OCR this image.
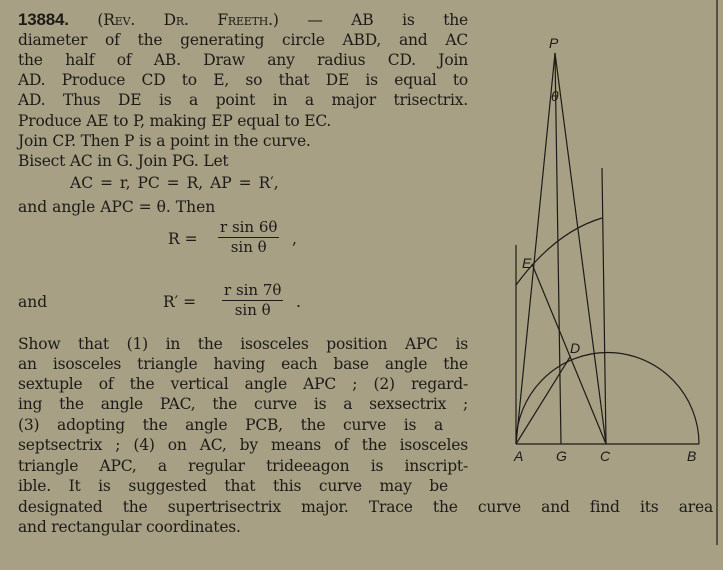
13884. (Rev. Dr. Freeth.) — AB is the
diameter of the generating circle ABD, and AC
the half of AB. Draw any radius CD. Join
AD. Produce CD to E, so that DE is equal to
AD. Thus DE is a point in a major trisectrix.
Produce AE to P, making EP equal to EC.
Join CP. Then P is a point in the curve.
Bisect AC in G. Join PG. Let
AC = r, PC = R, AP = R′,
and angle APC = θ. Then
$R = \frac{\text{r sin 6θ}}{\text{sin θ}}$ ,
and	$R' = \frac{\text{r sin 7θ}}{\text{sin θ}}$ .
Show that (1) in the isosceles position APC is
an isosceles triangle having each base angle the
sextuple of the vertical angle APC ; (2) regard-
ing the angle PAC, the curve is a sexsectrix ;
(3) adopting the angle PCB, the curve is a
septsectrix ; (4) on AC, by means of the isosceles
triangle APC, a regular trideeagon is inscript-
ible. It is suggested that this curve may be
designated the supertrisectrix major. Trace the curve and find its area
and rectangular coordinates.
P
θ
E
D
A G C	B
